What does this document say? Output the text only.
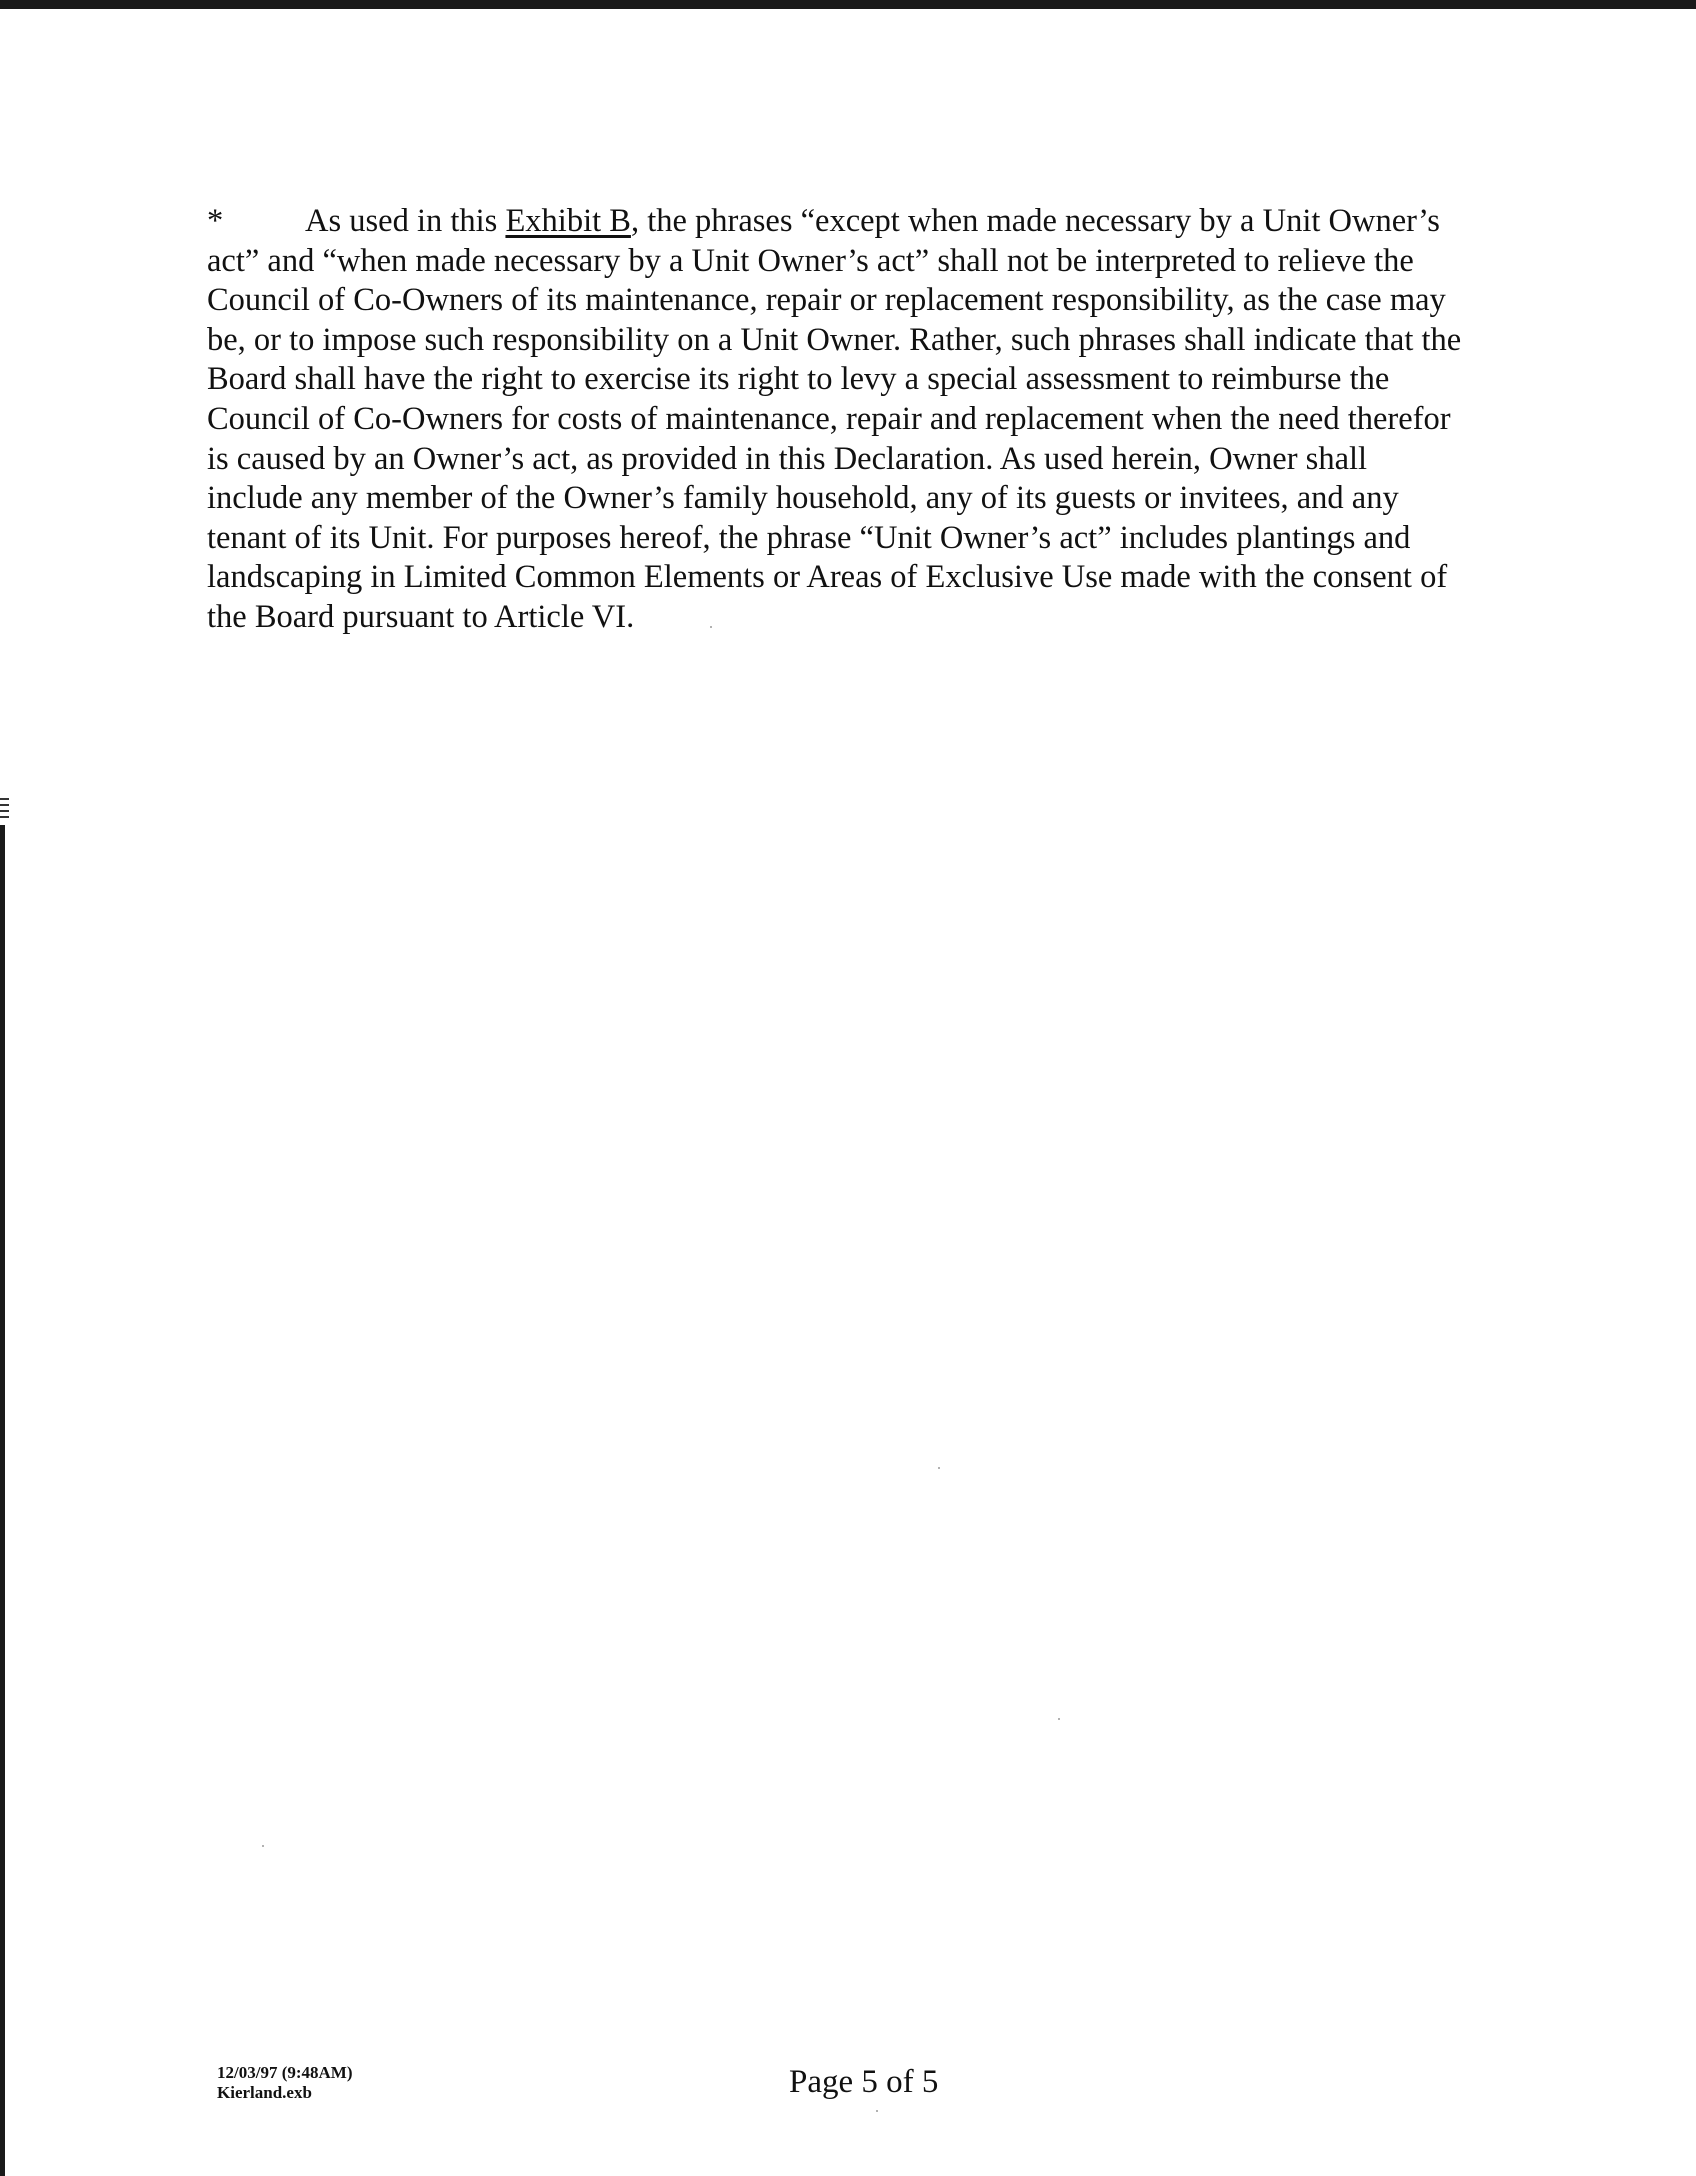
*	As used in this Exhibit B, the phrases “except when made necessary by a Unit Owner’s
act” and “when made necessary by a Unit Owner’s act” shall not be interpreted to relieve the
Council of Co-Owners of its maintenance, repair or replacement responsibility, as the case may
be, or to impose such responsibility on a Unit Owner. Rather, such phrases shall indicate that the
Board shall have the right to exercise its right to levy a special assessment to reimburse the
Council of Co-Owners for costs of maintenance, repair and replacement when the need therefor
is caused by an Owner’s act, as provided in this Declaration. As used herein, Owner shall
include any member of the Owner’s family household, any of its guests or invitees, and any
tenant of its Unit. For purposes hereof, the phrase “Unit Owner’s act” includes plantings and
landscaping in Limited Common Elements or Areas of Exclusive Use made with the consent of
the Board pursuant to Article VI.

12/03/97 (9:48AM)
Kierland.exb	Page 5 of 5
